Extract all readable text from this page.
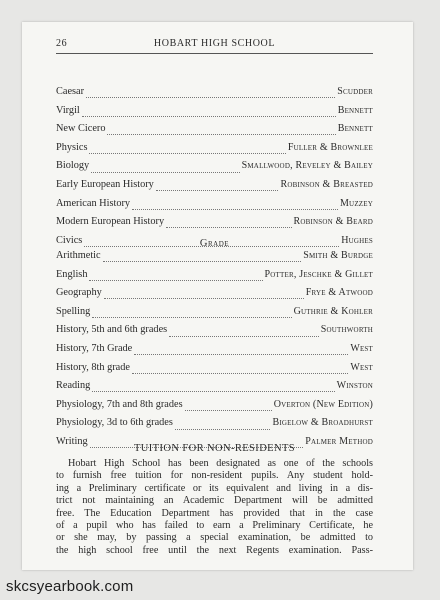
26	HOBART HIGH SCHOOL
Caesar	Scudder
Virgil	Bennett
New Cicero	Bennett
Physics	Fuller & Brownlee
Biology	Smallwood, Reveley & Bailey
Early European History	Robinson & Breasted
American History	Muzzey
Modern European History	Robinson & Beard
Civics	Hughes
Grade
Arithmetic	Smith & Burdge
English	Potter, Jeschke & Gillet
Geography	Frye & Atwood
Spelling	Guthrie & Kohler
History, 5th and 6th grades	Southworth
History, 7th Grade	West
History, 8th grade	West
Reading	Winston
Physiology, 7th and 8th grades	Overton (New Edition)
Physiology, 3d to 6th grades	Bigelow & Broadhurst
Writing	Palmer Method
TUITION FOR NON-RESIDENTS
Hobart High School has been designated as one of the schools
to furnish free tuition for non-resident pupils. Any student hold-
ing a Preliminary certificate or its equivalent and living in a dis-
trict not maintaining an Academic Department will be admitted
free. The Education Department has provided that in the case
of a pupil who has failed to earn a Preliminary Certificate, he
or she may, by passing a special examination, be admitted to
the high school free until the next Regents examination. Pass-
skcsyearbook.com
